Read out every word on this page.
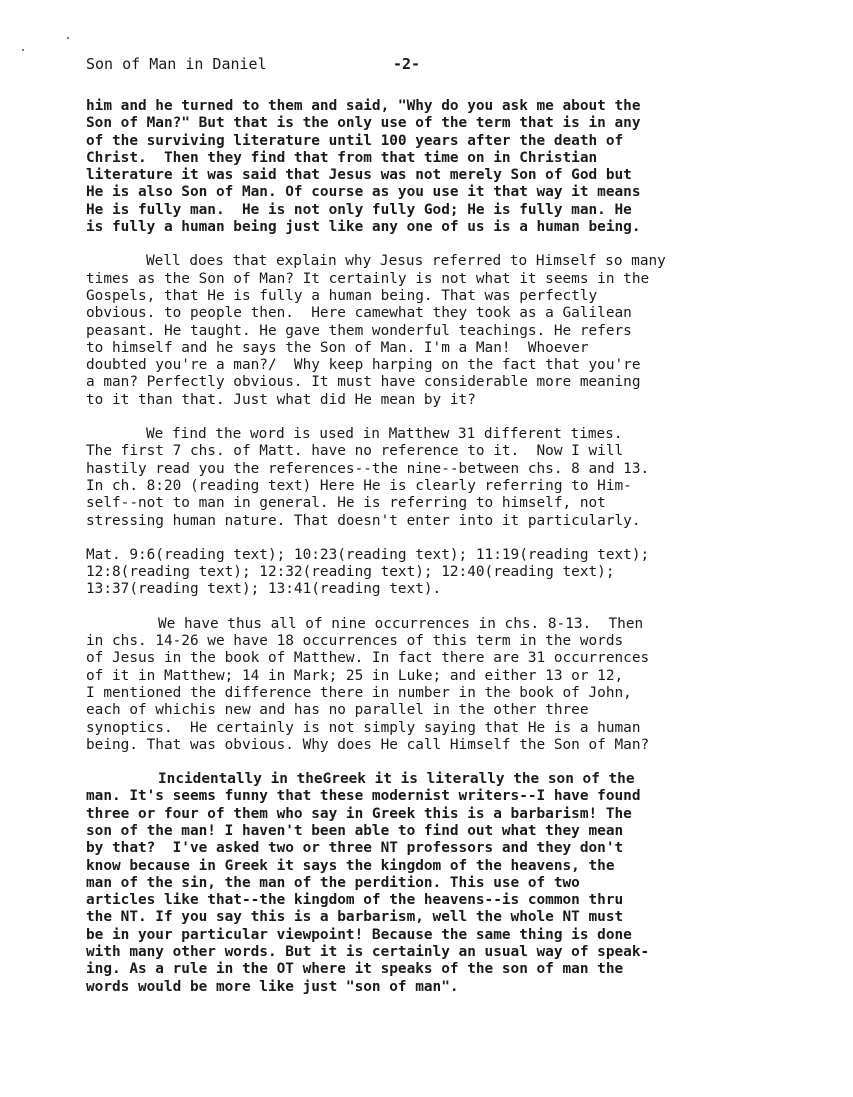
Son of Man in Daniel	-2-
him and he turned to them and said, "Why do you ask me about the
Son of Man?" But that is the only use of the term that is in any
of the surviving literature until 100 years after the death of
Christ.  Then they find that from that time on in Christian
literature it was said that Jesus was not merely Son of God but
He is also Son of Man. Of course as you use it that way it means
He is fully man.  He is not only fully God; He is fully man. He
is fully a human being just like any one of us is a human being.
Well does that explain why Jesus referred to Himself so many
times as the Son of Man? It certainly is not what it seems in the
Gospels, that He is fully a human being. That was perfectly
obvious. to people then.  Here camewhat they took as a Galilean
peasant. He taught. He gave them wonderful teachings. He refers
to himself and he says the Son of Man. I'm a Man!  Whoever
doubted you're a man?/  Why keep harping on the fact that you're
a man? Perfectly obvious. It must have considerable more meaning
to it than that. Just what did He mean by it?
We find the word is used in Matthew 31 different times.
The first 7 chs. of Matt. have no reference to it.  Now I will
hastily read you the references--the nine--between chs. 8 and 13.
In ch. 8:20 (reading text) Here He is clearly referring to Him-
self--not to man in general. He is referring to himself, not
stressing human nature. That doesn't enter into it particularly.
Mat. 9:6(reading text); 10:23(reading text); 11:19(reading text);
12:8(reading text); 12:32(reading text); 12:40(reading text);
13:37(reading text); 13:41(reading text).
We have thus all of nine occurrences in chs. 8-13.  Then
in chs. 14-26 we have 18 occurrences of this term in the words
of Jesus in the book of Matthew. In fact there are 31 occurrences
of it in Matthew; 14 in Mark; 25 in Luke; and either 13 or 12,
I mentioned the difference there in number in the book of John,
each of whichis new and has no parallel in the other three
synoptics.  He certainly is not simply saying that He is a human
being. That was obvious. Why does He call Himself the Son of Man?
Incidentally in theGreek it is literally the son of the
man. It's seems funny that these modernist writers--I have found
three or four of them who say in Greek this is a barbarism! The
son of the man! I haven't been able to find out what they mean
by that?  I've asked two or three NT professors and they don't
know because in Greek it says the kingdom of the heavens, the
man of the sin, the man of the perdition. This use of two
articles like that--the kingdom of the heavens--is common thru
the NT. If you say this is a barbarism, well the whole NT must
be in your particular viewpoint! Because the same thing is done
with many other words. But it is certainly an usual way of speak-
ing. As a rule in the OT where it speaks of the son of man the
words would be more like just "son of man".
